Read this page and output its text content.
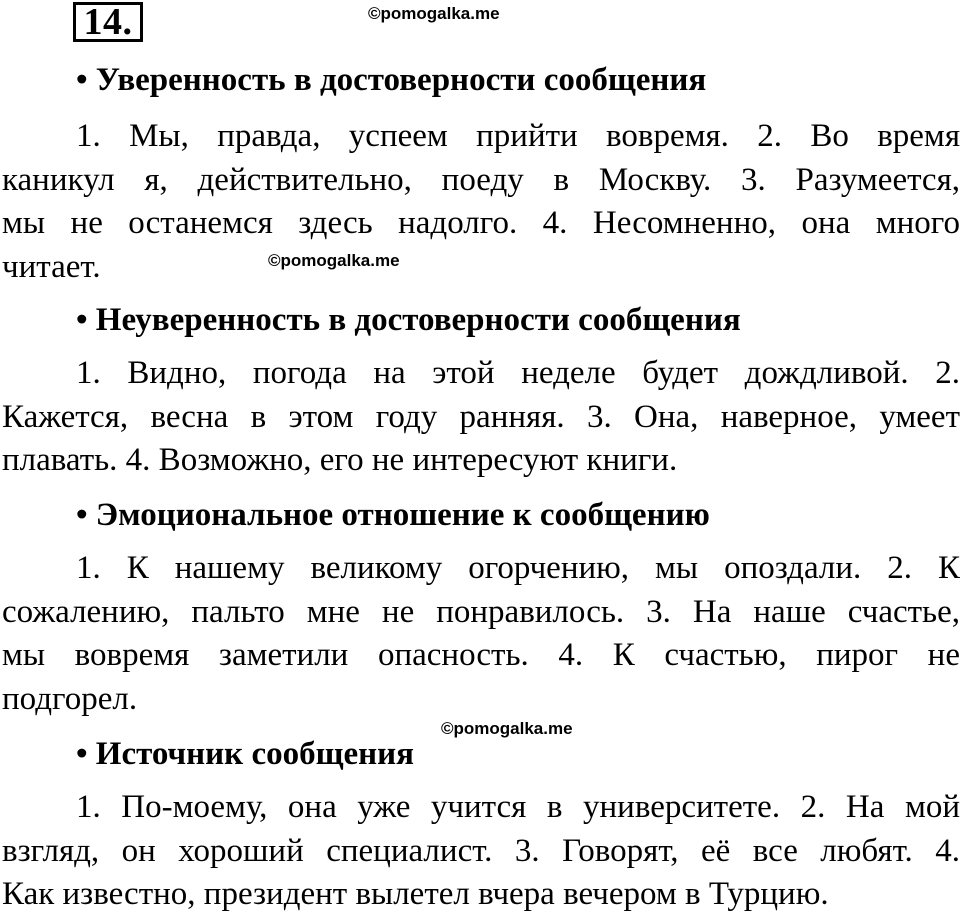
14.	©pomogalka.me
©pomogalka.me
©pomogalka.me
• Уверенность в достоверности сообщения

1. Мы, правда, успеем прийти вовремя. 2. Во время
каникул я, действительно, поеду в Москву. 3. Разумеется,
мы не останемся здесь надолго. 4. Несомненно, она много
читает.

• Неуверенность в достоверности сообщения

1. Видно, погода на этой неделе будет дождливой. 2.
Кажется, весна в этом году ранняя. 3. Она, наверное, умеет
плавать. 4. Возможно, его не интересуют книги.

• Эмоциональное отношение к сообщению

1. К нашему великому огорчению, мы опоздали. 2. К
сожалению, пальто мне не понравилось. 3. На наше счастье,
мы вовремя заметили опасность. 4. К счастью, пирог не
подгорел.

• Источник сообщения

1. По-моему, она уже учится в университете. 2. На мой
взгляд, он хороший специалист. 3. Говорят, её все любят. 4.
Как известно, президент вылетел вчера вечером в Турцию.
